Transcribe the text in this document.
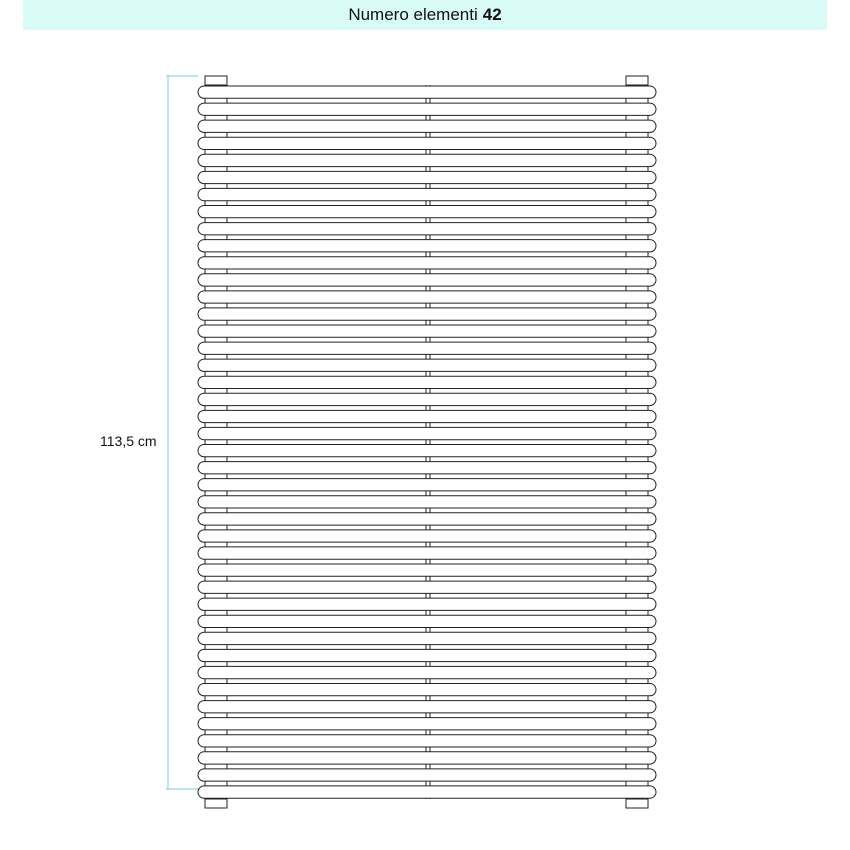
Numero elementi 42
113,5 cm
